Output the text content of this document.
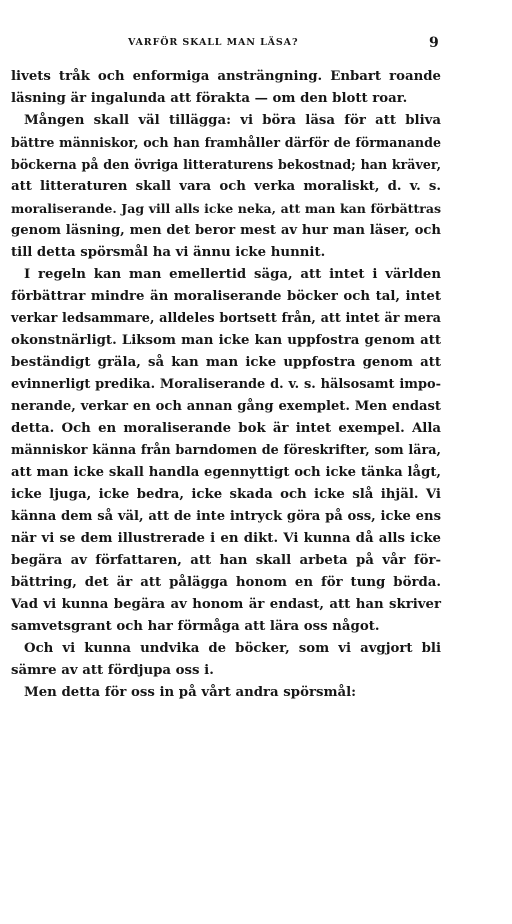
VARFÖR SKALL MAN LÄSA?	9
livets tråk och enformiga ansträngning. Enbart roande
läsning är ingalunda att förakta — om den blott roar.
Mången skall väl tillägga: vi böra läsa för att bliva
bättre människor, och han framhåller därför de förmanande
böckerna på den övriga litteraturens bekostnad; han kräver,
att litteraturen skall vara och verka moraliskt, d. v. s.
moraliserande. Jag vill alls icke neka, att man kan förbättras
genom läsning, men det beror mest av hur man läser, och
till detta spörsmål ha vi ännu icke hunnit.
I regeln kan man emellertid säga, att intet i världen
förbättrar mindre än moraliserande böcker och tal, intet
verkar ledsammare, alldeles bortsett från, att intet är mera
okonstnärligt. Liksom man icke kan uppfostra genom att
beständigt gräla, så kan man icke uppfostra genom att
evinnerligt predika. Moraliserande d. v. s. hälsosamt impo-
nerande, verkar en och annan gång exemplet. Men endast
detta. Och en moraliserande bok är intet exempel. Alla
människor känna från barndomen de föreskrifter, som lära,
att man icke skall handla egennyttigt och icke tänka lågt,
icke ljuga, icke bedra, icke skada och icke slå ihjäl. Vi
känna dem så väl, att de inte intryck göra på oss, icke ens
när vi se dem illustrerade i en dikt. Vi kunna då alls icke
begära av författaren, att han skall arbeta på vår för-
bättring, det är att pålägga honom en för tung börda.
Vad vi kunna begära av honom är endast, att han skriver
samvetsgrant och har förmåga att lära oss något.
Och vi kunna undvika de böcker, som vi avgjort bli
sämre av att fördjupa oss i.
Men detta för oss in på vårt andra spörsmål:
